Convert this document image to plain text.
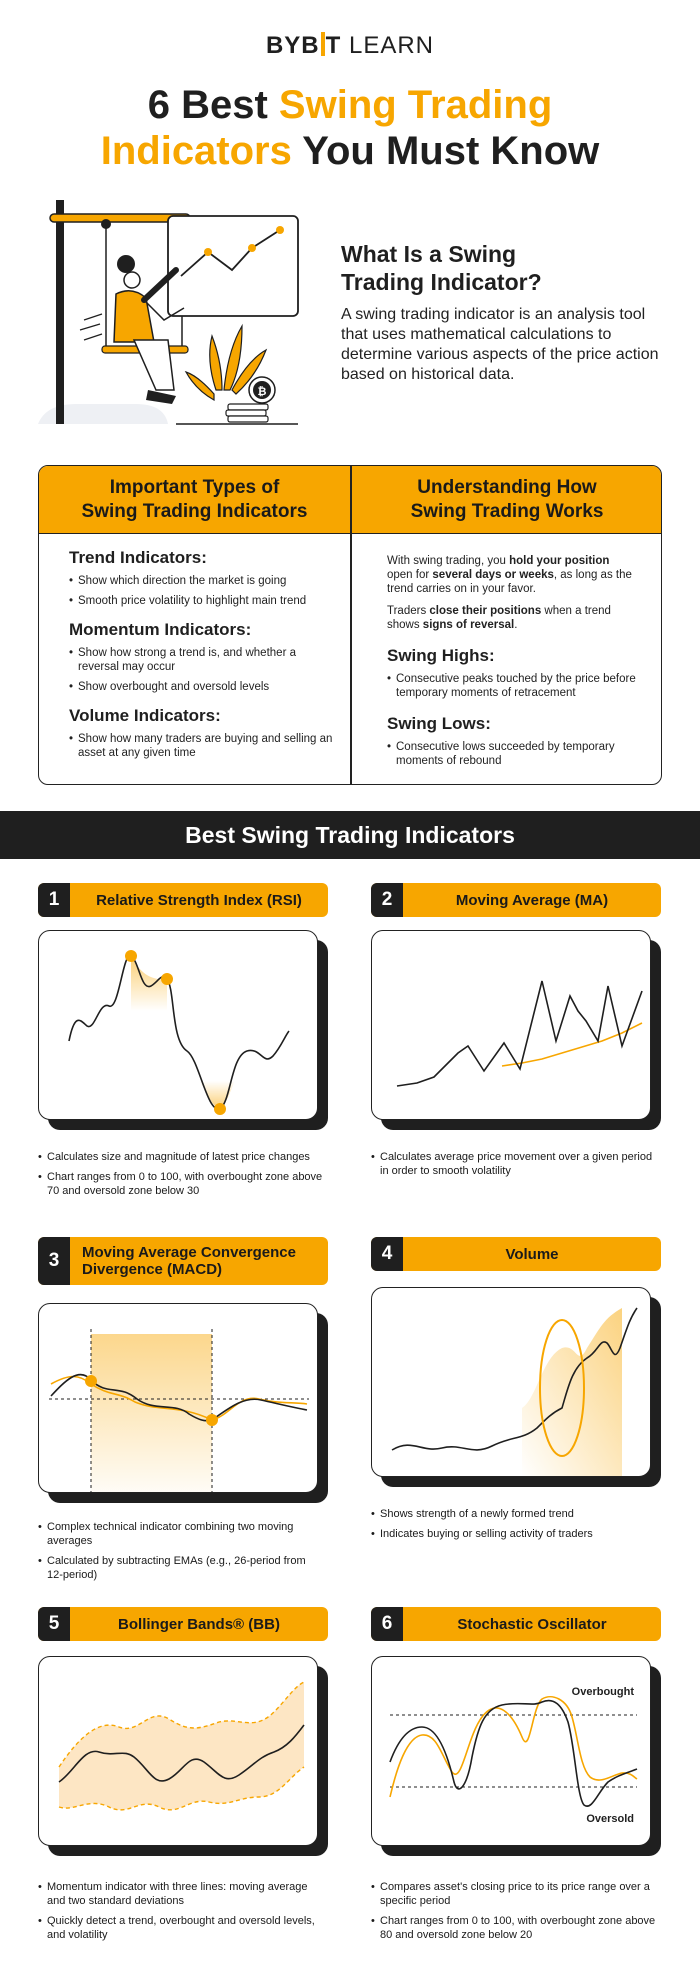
BYB T LEARN
6 Best Swing Trading
Indicators You Must Know
₿
What Is a Swing
Trading Indicator?
A swing trading indicator is an analysis tool that uses mathematical calculations to determine various aspects of the price action based on historical data.
Important Types of
Swing Trading Indicators
Understanding How
Swing Trading Works
Trend Indicators:
• Show which direction the market is going
• Smooth price volatility to highlight main trend
Momentum Indicators:
• Show how strong a trend is, and whether a reversal may occur
• Show overbought and oversold levels
Volume Indicators:
• Show how many traders are buying and selling an asset at any given time
With swing trading, you hold your position open for several days or weeks, as long as the trend carries on in your favor.
Traders close their positions when a trend shows signs of reversal.
Swing Highs:
• Consecutive peaks touched by the price before temporary moments of retracement
Swing Lows:
• Consecutive lows succeeded by temporary moments of rebound
Best Swing Trading Indicators
1	Relative Strength Index (RSI)
• Calculates size and magnitude of latest price changes
• Chart ranges from 0 to 100, with overbought zone above 70 and oversold zone below 30
2	Moving Average (MA)
• Calculates average price movement over a given period in order to smooth volatility
3	Moving Average Convergence Divergence (MACD)
• Complex technical indicator combining two moving averages
• Calculated by subtracting EMAs (e.g., 26-period from 12-period)
4	Volume
• Shows strength of a newly formed trend
• Indicates buying or selling activity of traders
5	Bollinger Bands® (BB)
• Momentum indicator with three lines: moving average and two standard deviations
• Quickly detect a trend, overbought and oversold levels, and volatility
6	Stochastic Oscillator
Overbought
Oversold
• Compares asset's closing price to its price range over a specific period
• Chart ranges from 0 to 100, with overbought zone above 80 and oversold zone below 20
